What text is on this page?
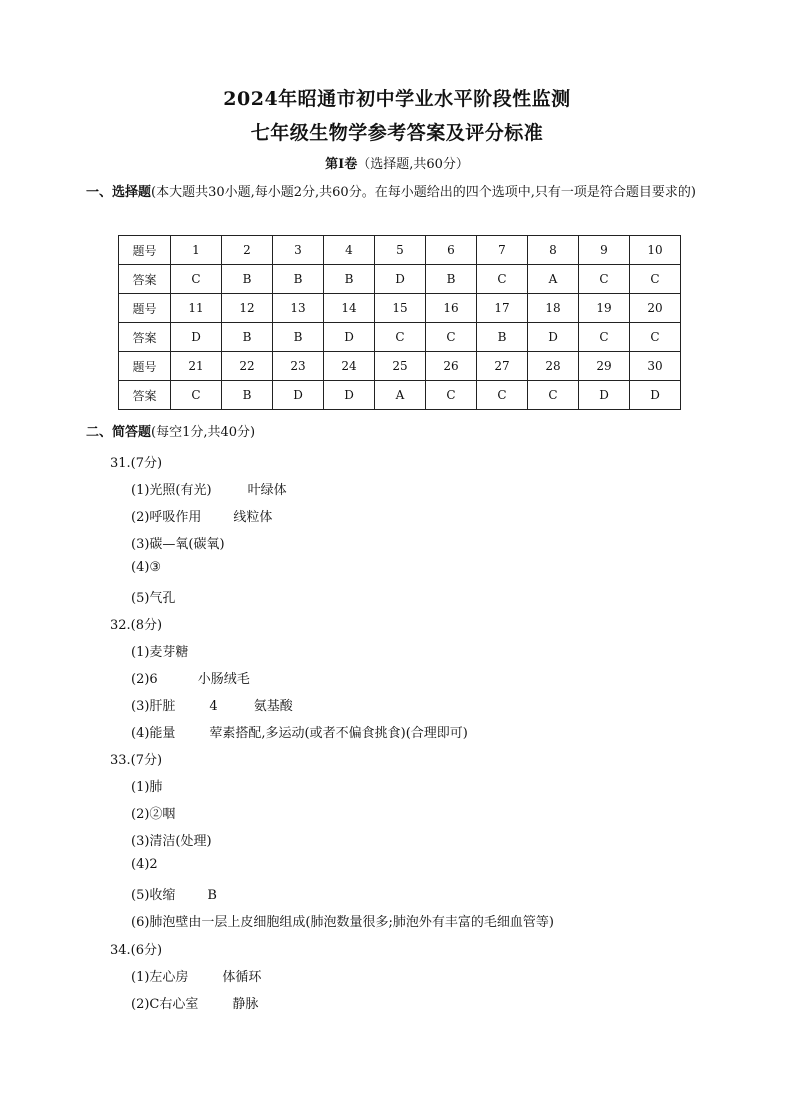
2024年昭通市初中学业水平阶段性监测
七年级生物学参考答案及评分标准
第Ⅰ卷（选择题,共60分）
一、选择题(本大题共30小题,每小题2分,共60分。在每小题给出的四个选项中,只有一项是符合题目要求的)
题号	1	2	3	4	5	6	7	8	9	10
答案	C	B	B	B	D	B	C	A	C	C
题号	11	12	13	14	15	16	17	18	19	20
答案	D	B	B	D	C	C	B	D	C	C
题号	21	22	23	24	25	26	27	28	29	30
答案	C	B	D	D	A	C	C	C	D	D
二、简答题(每空1分,共40分)
31.(7分)
(1)光照(有光)	叶绿体
(2)呼吸作用 线粒体
(3)碳—氧(碳氧)
(4)③
(5)气孔
32.(8分)
(1)麦芽糖
(2)6	小肠绒毛
(3)肝脏	4	氨基酸
(4)能量	荤素搭配,多运动(或者不偏食挑食)(合理即可)
33.(7分)
(1)肺
(2)②咽
(3)清洁(处理)
(4)2
(5)收缩 B
(6)肺泡壁由一层上皮细胞组成(肺泡数量很多;肺泡外有丰富的毛细血管等)
34.(6分)
(1)左心房	体循环
(2)C右心室	静脉
